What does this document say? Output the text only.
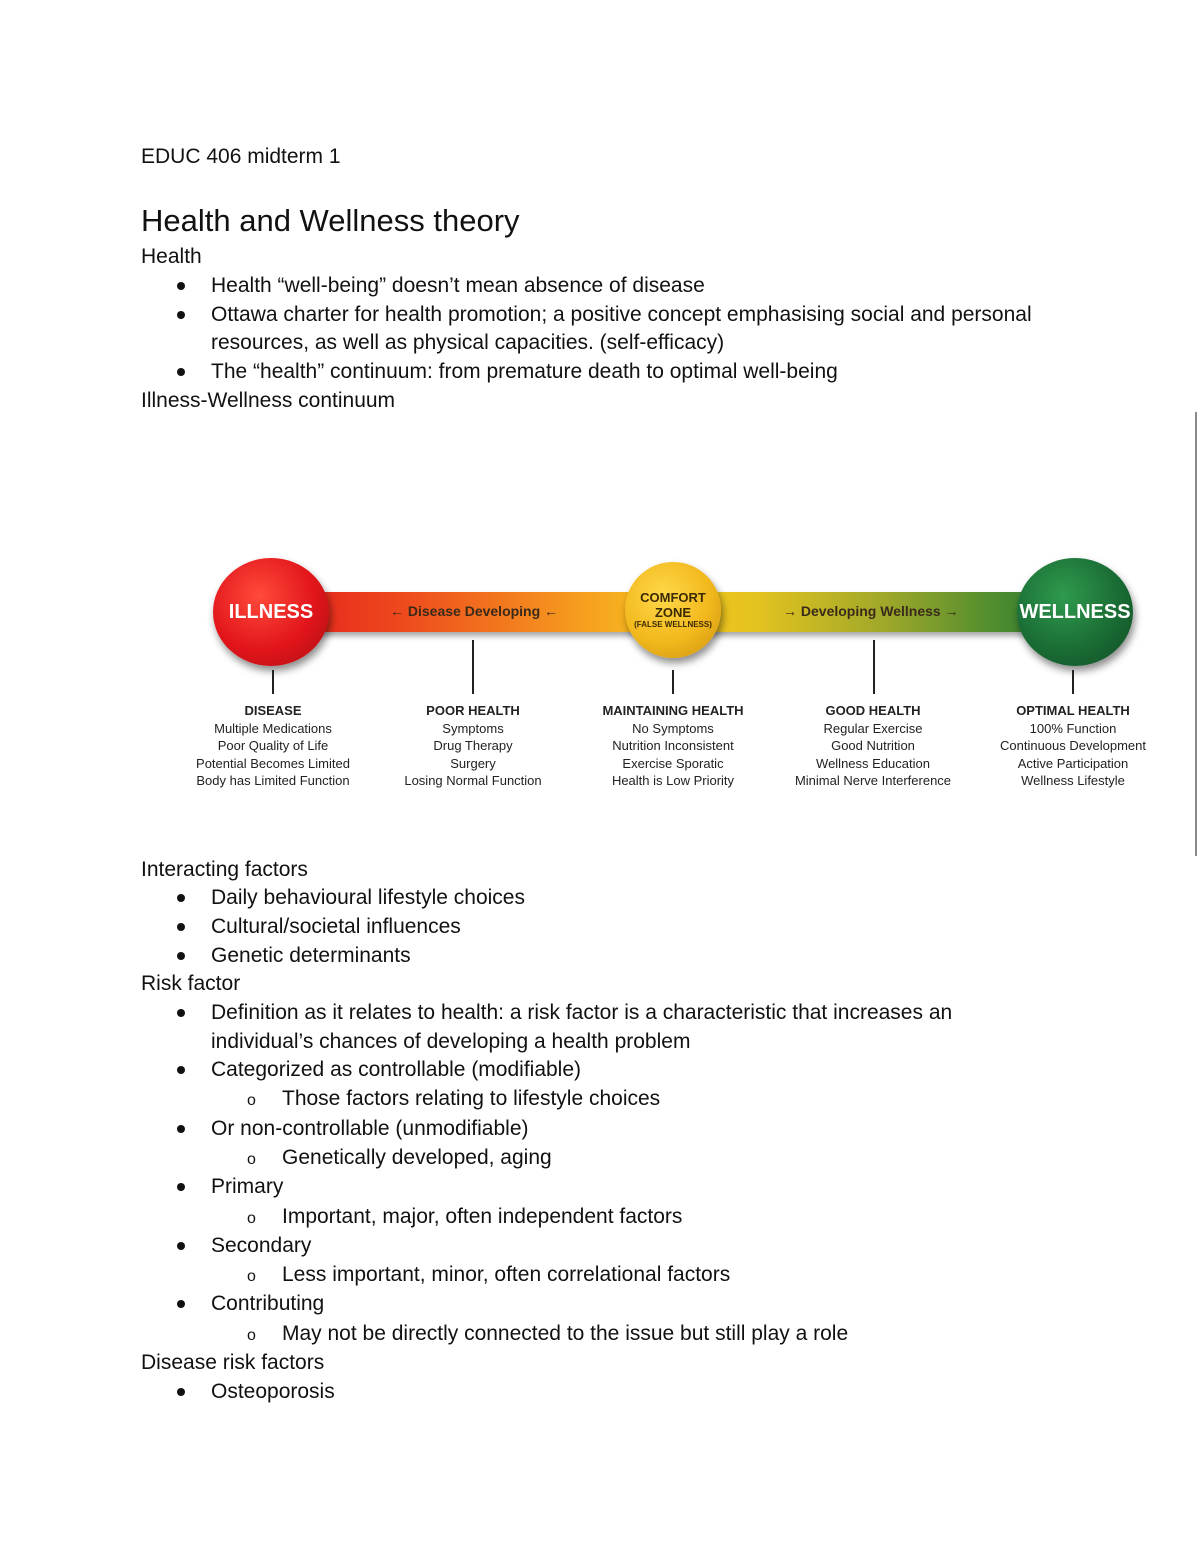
EDUC 406 midterm 1
Health and Wellness theory
Health
Health “well-being” doesn’t mean absence of disease
Ottawa charter for health promotion; a positive concept emphasising social and personal
resources, as well as physical capacities. (self-efficacy)
The “health” continuum: from premature death to optimal well-being
Illness-Wellness continuum
← Disease Developing ←	→ Developing Wellness →
ILLNESS
COMFORT
ZONE
(FALSE WELLNESS)
WELLNESS
DISEASE
Multiple Medications
Poor Quality of Life
Potential Becomes Limited
Body has Limited Function
POOR HEALTH
Symptoms
Drug Therapy
Surgery
Losing Normal Function
MAINTAINING HEALTH
No Symptoms
Nutrition Inconsistent
Exercise Sporatic
Health is Low Priority
GOOD HEALTH
Regular Exercise
Good Nutrition
Wellness Education
Minimal Nerve Interference
OPTIMAL HEALTH
100% Function
Continuous Development
Active Participation
Wellness Lifestyle
Interacting factors
Daily behavioural lifestyle choices
Cultural/societal influences
Genetic determinants
Risk factor
Definition as it relates to health: a risk factor is a characteristic that increases an
individual’s chances of developing a health problem
Categorized as controllable (modifiable)
o Those factors relating to lifestyle choices
Or non-controllable (unmodifiable)
o Genetically developed, aging
Primary
o Important, major, often independent factors
Secondary
o Less important, minor, often correlational factors
Contributing
o May not be directly connected to the issue but still play a role
Disease risk factors
Osteoporosis
